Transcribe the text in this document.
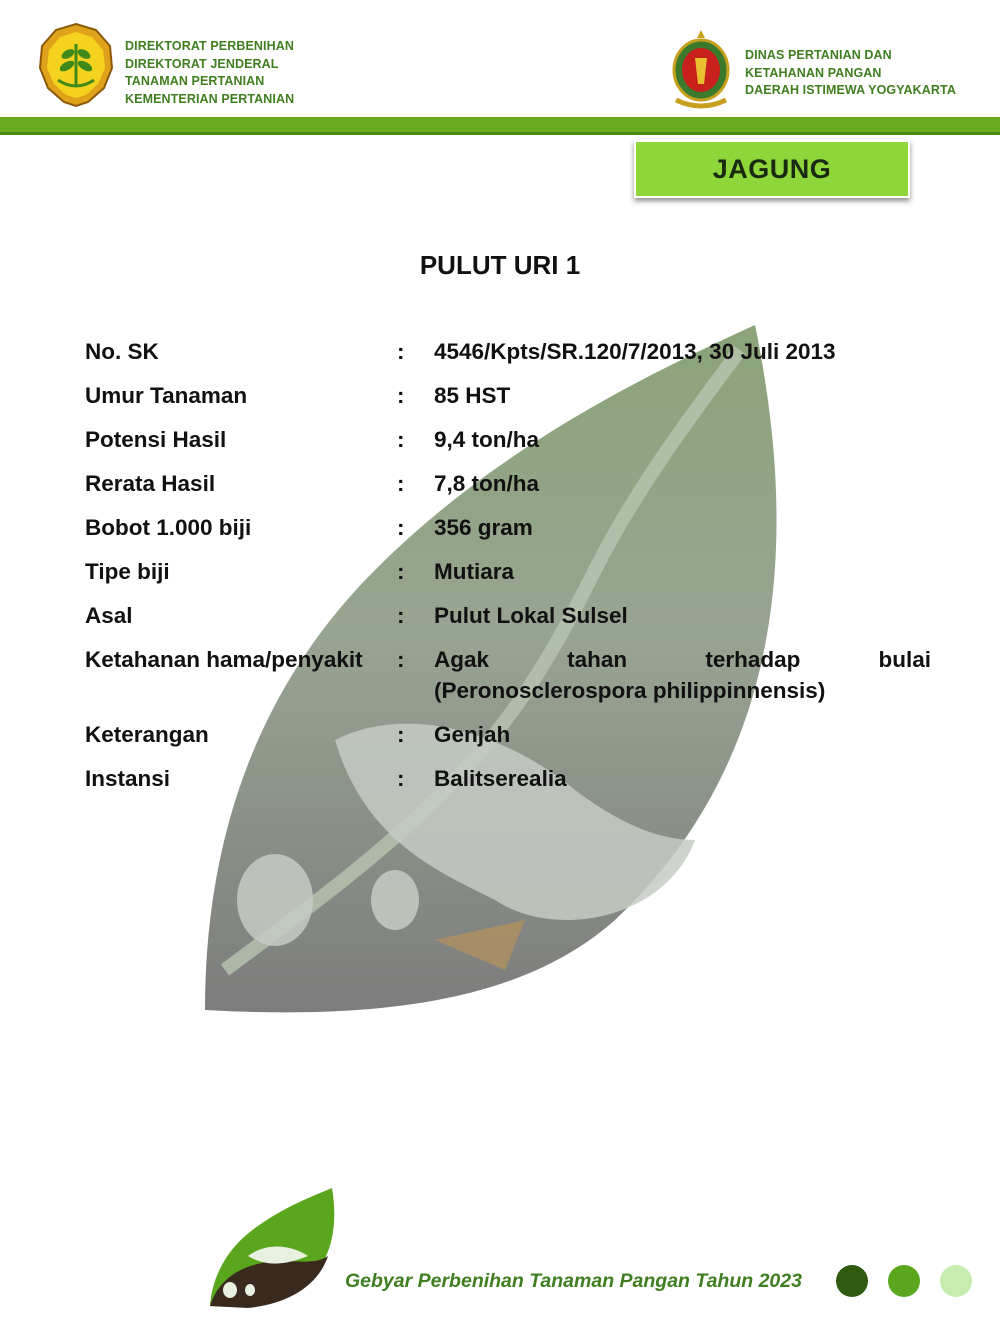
DIREKTORAT PERBENIHAN
DIREKTORAT JENDERAL
TANAMAN PERTANIAN
KEMENTERIAN PERTANIAN
DINAS PERTANIAN DAN
KETAHANAN PANGAN
DAERAH ISTIMEWA YOGYAKARTA
JAGUNG
PULUT URI 1
No. SK	:	4546/Kpts/SR.120/7/2013, 30 Juli 2013
Umur Tanaman	:	85 HST
Potensi Hasil	:	9,4 ton/ha
Rerata Hasil	:	7,8 ton/ha
Bobot 1.000 biji	:	356 gram
Tipe biji	:	Mutiara
Asal	:	Pulut Lokal Sulsel
Ketahanan hama/penyakit	:	Agak tahan terhadap bulai
(Peronosclerospora philippinnensis)
Keterangan	:	Genjah
Instansi	:	Balitserealia
Gebyar Perbenihan Tanaman Pangan Tahun 2023
